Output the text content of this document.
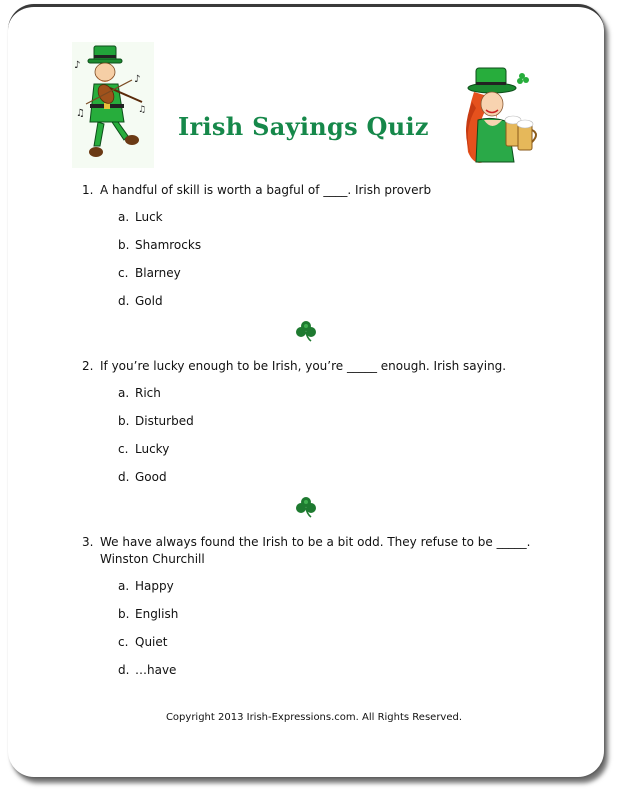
♪
♫
♪
♫
Irish Sayings Quiz
1. A handful of skill is worth a bagful of ____. Irish proverb
a. Luck
b. Shamrocks
c. Blarney
d. Gold
2. If you’re lucky enough to be Irish, you’re _____ enough. Irish saying.
a. Rich
b. Disturbed
c. Lucky
d. Good
3. We have always found the Irish to be a bit odd. They refuse to be _____.
Winston Churchill
a. Happy
b. English
c. Quiet
d. …have
Copyright 2013 Irish-Expressions.com. All Rights Reserved.
